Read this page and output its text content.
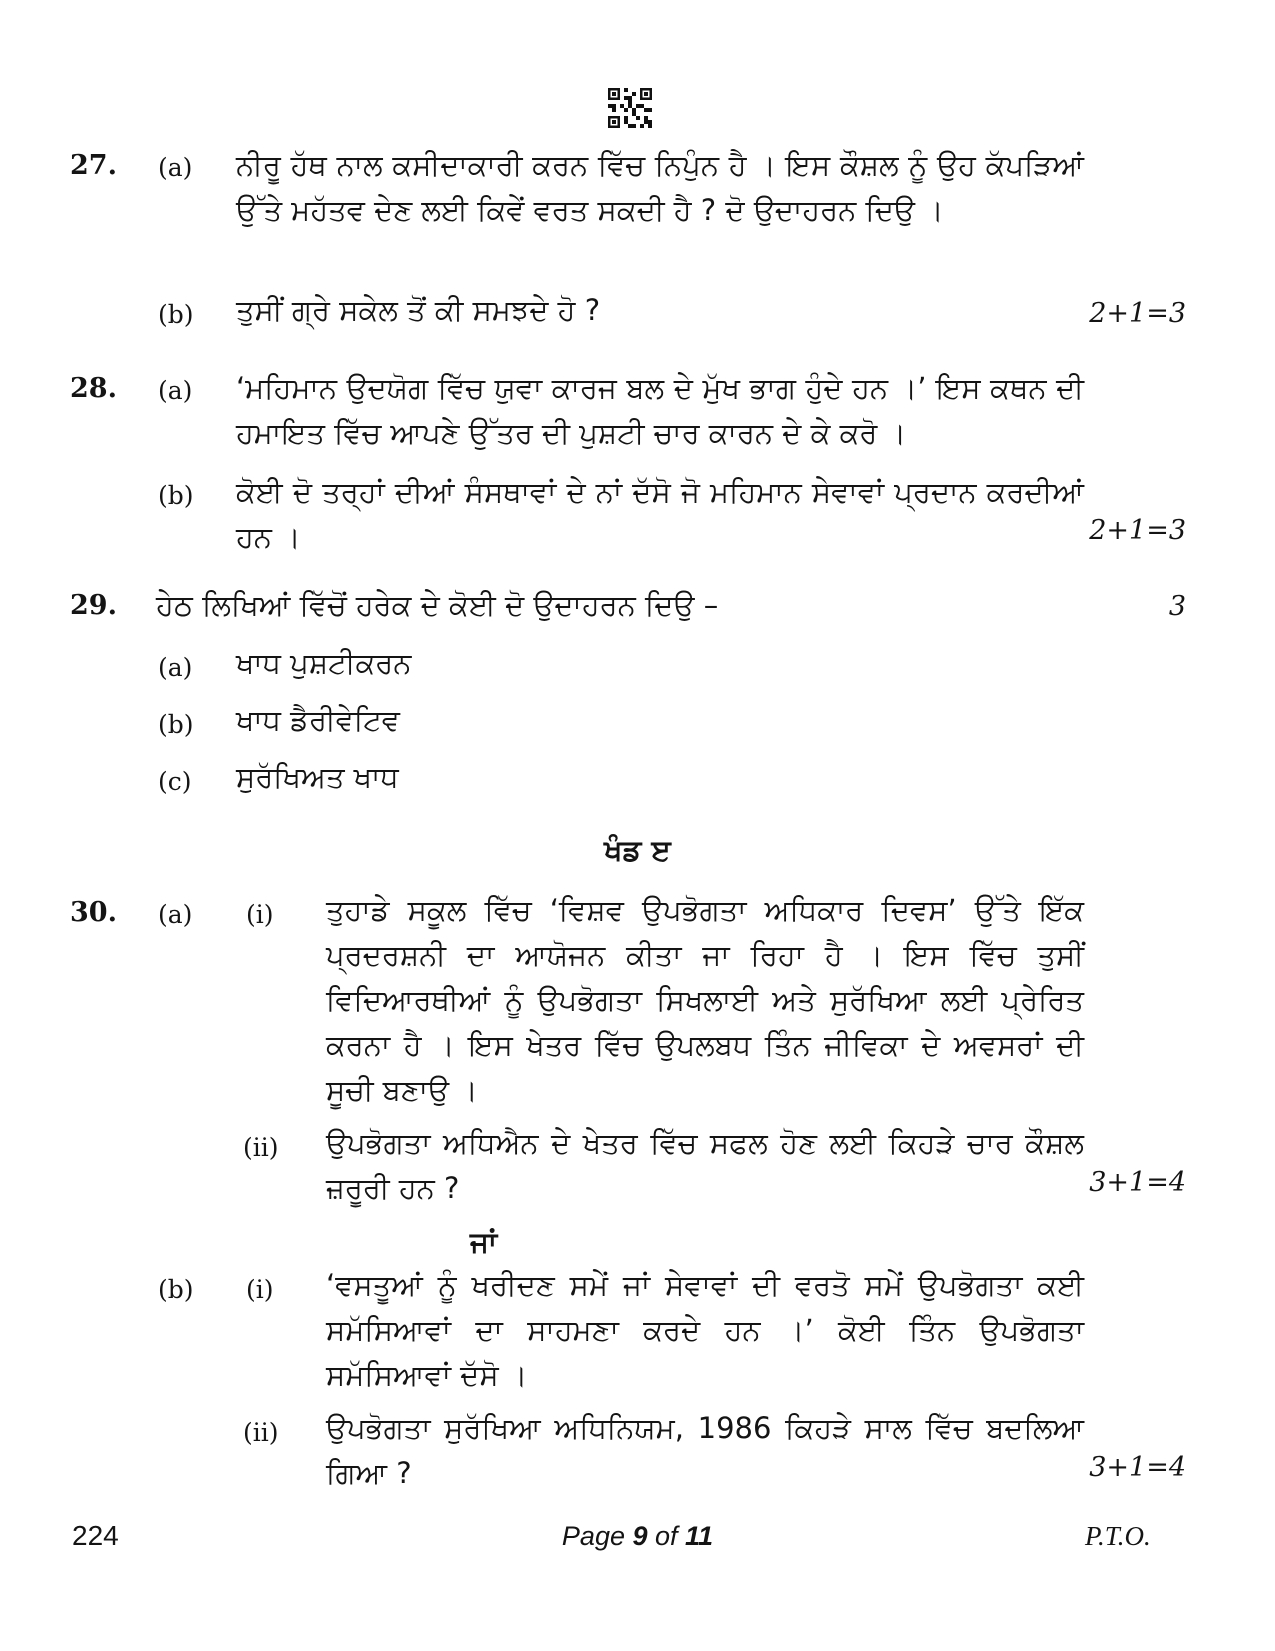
27. (a) ਨੀਰੂ ਹੱਥ ਨਾਲ ਕਸੀਦਾਕਾਰੀ ਕਰਨ ਵਿੱਚ ਨਿਪੁੰਨ ਹੈ । ਇਸ ਕੌਸ਼ਲ ਨੂੰ ਉਹ ਕੱਪੜਿਆਂ ਉੱਤੇ ਮਹੱਤਵ ਦੇਣ ਲਈ ਕਿਵੇਂ ਵਰਤ ਸਕਦੀ ਹੈ ? ਦੋ ਉਦਾਹਰਨ ਦਿਉ ।
(b) ਤੁਸੀਂ ਗ੍ਰੇ ਸਕੇਲ ਤੋਂ ਕੀ ਸਮਝਦੇ ਹੋ ?	2+1=3
28. (a) ‘ਮਹਿਮਾਨ ਉਦਯੋਗ ਵਿੱਚ ਯੁਵਾ ਕਾਰਜ ਬਲ ਦੇ ਮੁੱਖ ਭਾਗ ਹੁੰਦੇ ਹਨ ।’ ਇਸ ਕਥਨ ਦੀ ਹਮਾਇਤ ਵਿੱਚ ਆਪਣੇ ਉੱਤਰ ਦੀ ਪੁਸ਼ਟੀ ਚਾਰ ਕਾਰਨ ਦੇ ਕੇ ਕਰੋ ।
(b) ਕੋਈ ਦੋ ਤਰ੍ਹਾਂ ਦੀਆਂ ਸੰਸਥਾਵਾਂ ਦੇ ਨਾਂ ਦੱਸੋ ਜੋ ਮਹਿਮਾਨ ਸੇਵਾਵਾਂ ਪ੍ਰਦਾਨ ਕਰਦੀਆਂ ਹਨ ।	2+1=3
29. ਹੇਠ ਲਿਖਿਆਂ ਵਿੱਚੋਂ ਹਰੇਕ ਦੇ ਕੋਈ ਦੋ ਉਦਾਹਰਨ ਦਿਉ –	3
(a) ਖਾਧ ਪੁਸ਼ਟੀਕਰਨ
(b) ਖਾਧ ਡੈਰੀਵੇਟਿਵ
(c) ਸੁਰੱਖਿਅਤ ਖਾਧ
ਖੰਡ ੲ
30. (a) (i) ਤੁਹਾਡੇ ਸਕੂਲ ਵਿੱਚ ‘ਵਿਸ਼ਵ ਉਪਭੋਗਤਾ ਅਧਿਕਾਰ ਦਿਵਸ’ ਉੱਤੇ ਇੱਕ ਪ੍ਰਦਰਸ਼ਨੀ ਦਾ ਆਯੋਜਨ ਕੀਤਾ ਜਾ ਰਿਹਾ ਹੈ । ਇਸ ਵਿੱਚ ਤੁਸੀਂ ਵਿਦਿਆਰਥੀਆਂ ਨੂੰ ਉਪਭੋਗਤਾ ਸਿਖਲਾਈ ਅਤੇ ਸੁਰੱਖਿਆ ਲਈ ਪ੍ਰੇਰਿਤ ਕਰਨਾ ਹੈ । ਇਸ ਖੇਤਰ ਵਿੱਚ ਉਪਲਬਧ ਤਿੰਨ ਜੀਵਿਕਾ ਦੇ ਅਵਸਰਾਂ ਦੀ ਸੂਚੀ ਬਣਾਉ ।
(ii) ਉਪਭੋਗਤਾ ਅਧਿਐਨ ਦੇ ਖੇਤਰ ਵਿੱਚ ਸਫਲ ਹੋਣ ਲਈ ਕਿਹੜੇ ਚਾਰ ਕੌਸ਼ਲ ਜ਼ਰੂਰੀ ਹਨ ?	3+1=4
ਜਾਂ
(b) (i) ‘ਵਸਤੂਆਂ ਨੂੰ ਖਰੀਦਣ ਸਮੇਂ ਜਾਂ ਸੇਵਾਵਾਂ ਦੀ ਵਰਤੋ ਸਮੇਂ ਉਪਭੋਗਤਾ ਕਈ ਸਮੱਸਿਆਵਾਂ ਦਾ ਸਾਹਮਣਾ ਕਰਦੇ ਹਨ ।’ ਕੋਈ ਤਿੰਨ ਉਪਭੋਗਤਾ ਸਮੱਸਿਆਵਾਂ ਦੱਸੋ ।
(ii) ਉਪਭੋਗਤਾ ਸੁਰੱਖਿਆ ਅਧਿਨਿਯਮ, 1986 ਕਿਹੜੇ ਸਾਲ ਵਿੱਚ ਬਦਲਿਆ ਗਿਆ ?	3+1=4
224	Page 9 of 11	P.T.O.
